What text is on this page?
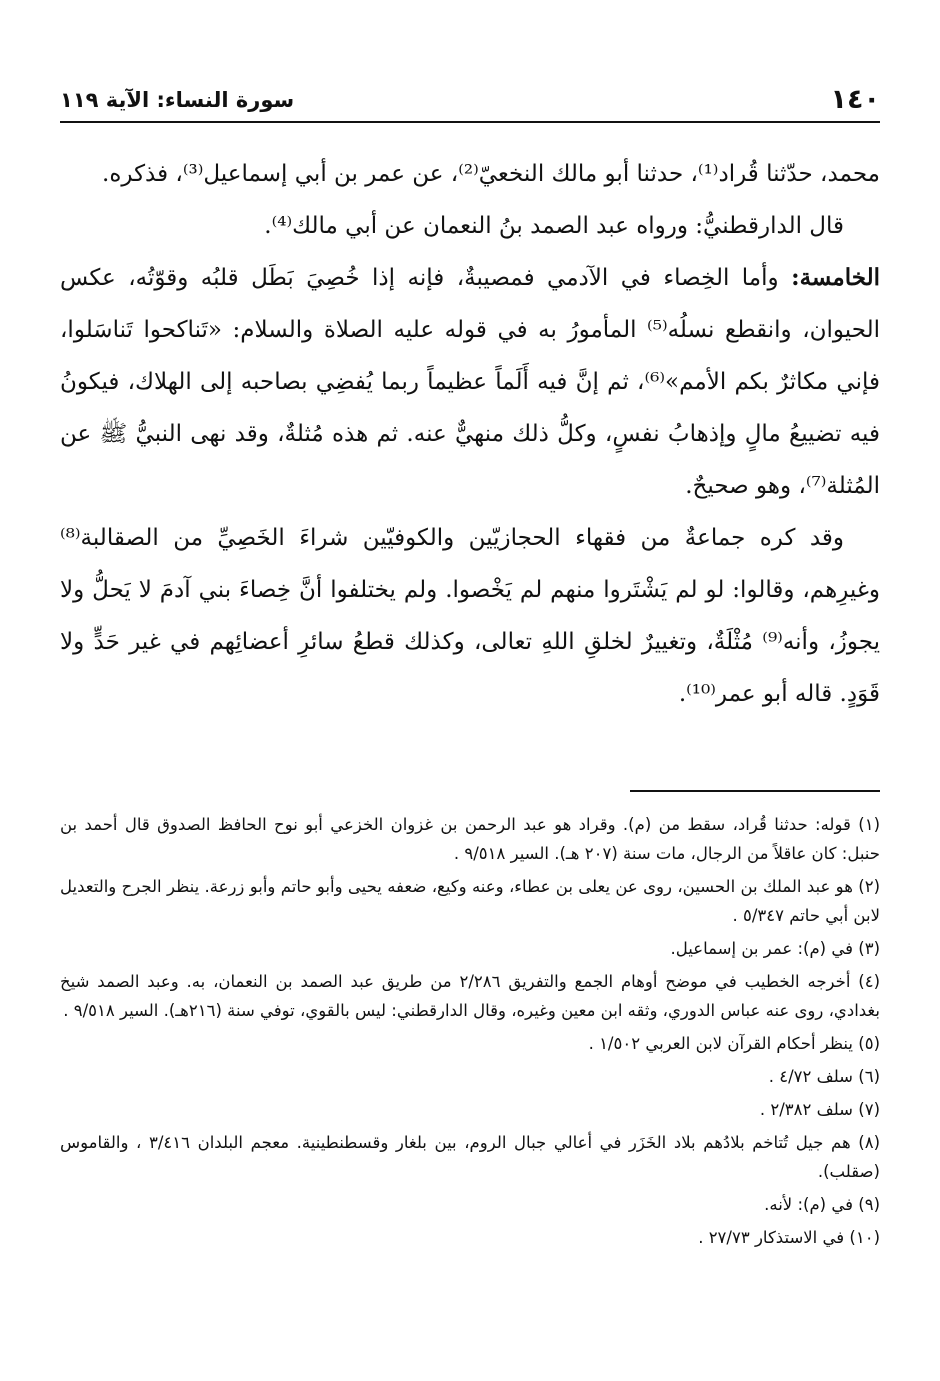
١٤٠
سورة النساء: الآية ١١٩

محمد، حدّثنا قُراد⁽¹⁾، حدثنا أبو مالك النخعيّ⁽²⁾، عن عمر بن أبي إسماعيل⁽³⁾، فذكره.

قال الدارقطنيُّ: ورواه عبد الصمد بنُ النعمان عن أبي مالك⁽⁴⁾.

الخامسة: وأما الخِصاء في الآدمي فمصيبةٌ، فإنه إذا خُصِيَ بَطَل قلبُه وقوّتُه، عكس الحيوان، وانقطع نسلُه⁽⁵⁾ المأمورُ به في قوله عليه الصلاة والسلام: «تَناكحوا تَناسَلوا، فإني مكاثرٌ بكم الأمم»⁽⁶⁾، ثم إنَّ فيه أَلَماً عظيماً ربما يُفضِي بصاحبه إلى الهلاك، فيكونُ فيه تضييعُ مالٍ وإذهابُ نفسٍ، وكلُّ ذلك منهيٌّ عنه. ثم هذه مُثلةٌ، وقد نهى النبيُّ ﷺ عن المُثلة⁽⁷⁾، وهو صحيحٌ.

وقد كره جماعةٌ من فقهاء الحجازيّين والكوفيّين شراءَ الخَصِيِّ من الصقالبة⁽⁸⁾ وغيرِهم، وقالوا: لو لم يَشْتَروا منهم لم يَخْصوا. ولم يختلفوا أنَّ خِصاءَ بني آدمَ لا يَحلُّ ولا يجوزُ، وأنه⁽⁹⁾ مُثْلَةٌ، وتغييرٌ لخلقِ اللهِ تعالى، وكذلك قطعُ سائرِ أعضائِهم في غير حَدٍّ ولا قَوَدٍ. قاله أبو عمر⁽¹⁰⁾.

(١) قوله: حدثنا قُراد، سقط من (م). وقراد هو عبد الرحمن بن غزوان الخزعي أبو نوح الحافظ الصدوق قال أحمد بن حنبل: كان عاقلاً من الرجال، مات سنة (٢٠٧ هـ). السير ٩/٥١٨ .

(٢) هو عبد الملك بن الحسين، روى عن يعلى بن عطاء، وعنه وكيع، ضعفه يحيى وأبو حاتم وأبو زرعة. ينظر الجرح والتعديل لابن أبي حاتم ٥/٣٤٧ .

(٣) في (م): عمر بن إسماعيل.

(٤) أخرجه الخطيب في موضح أوهام الجمع والتفريق ٢/٢٨٦ من طريق عبد الصمد بن النعمان، به. وعبد الصمد شيخ بغدادي، روى عنه عباس الدوري، وثقه ابن معين وغيره، وقال الدارقطني: ليس بالقوي، توفي سنة (٢١٦هـ). السير ٩/٥١٨ .

(٥) ينظر أحكام القرآن لابن العربي ١/٥٠٢ .

(٦) سلف ٤/٧٢ .

(٧) سلف ٢/٣٨٢ .

(٨) هم جيل تُتاخم بلادُهم بلاد الخَزَر في أعالي جبال الروم، بين بلغار وقسطنطينية. معجم البلدان ٣/٤١٦ ، والقاموس (صقلب).

(٩) في (م): لأنه.

(١٠) في الاستذكار ٢٧/٧٣ .
